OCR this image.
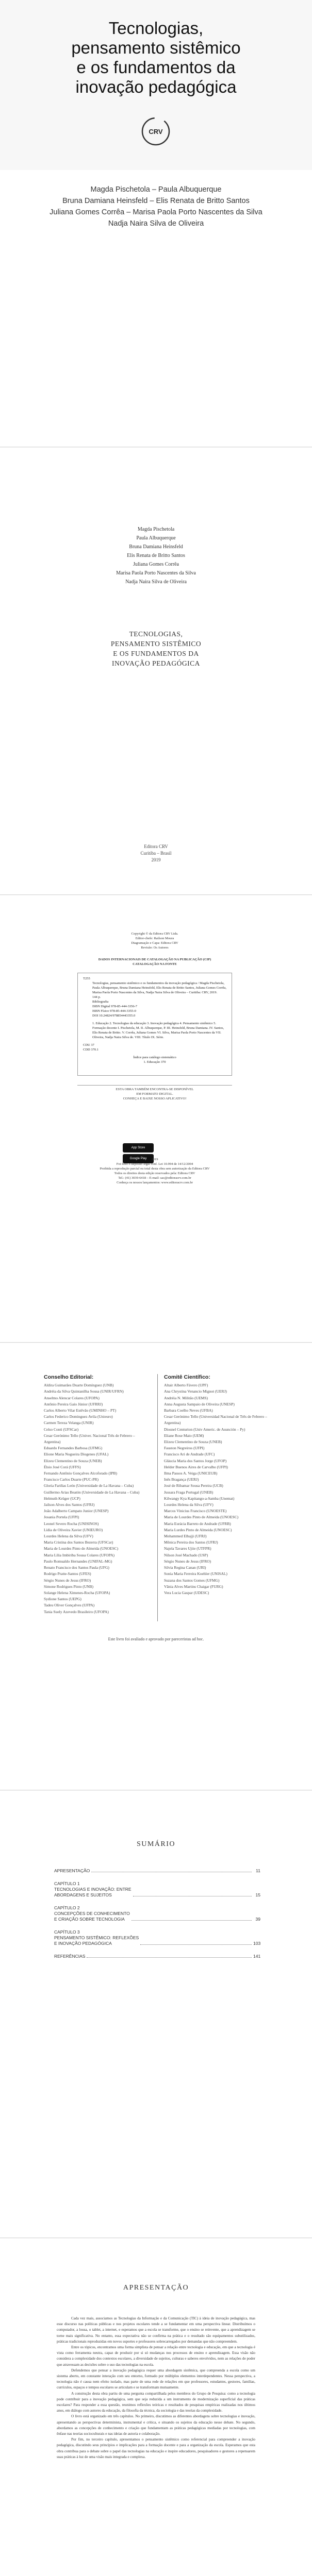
Tecnologias,
pensamento sistêmico
e os fundamentos da
inovação pedagógica
CRV
Magda Pischetola – Paula Albuquerque
Bruna Damiana Heinsfeld – Elis Renata de Britto Santos
Juliana Gomes Corrêa – Marisa Paola Porto Nascentes da Silva
Nadja Naira Silva de Oliveira
Magda Pischetola
Paula Albuquerque
Bruna Damiana Heinsfeld
Elis Renata de Britto Santos
Juliana Gomes Corrêa
Marisa Paola Porto Nascentes da Silva
Nadja Naira Silva de Oliveira
TECNOLOGIAS,
PENSAMENTO SISTÊMICO
E OS FUNDAMENTOS DA
INOVAÇÃO PEDAGÓGICA
Editora CRV
Curitiba – Brasil
2019
Copyright © da Editora CRV Ltda.
Editor-chefe: Railson Moura
Diagramação e Capa: Editora CRV
Revisão: Os Autores
DADOS INTERNACIONAIS DE CATALOGAÇÃO NA PUBLICAÇÃO (CIP)
CATALOGAÇÃO NA FONTE
T255
Tecnologias, pensamento sistêmico e os fundamentos da inovação pedagógica / Magda Pischetola, Paula Albuquerque, Bruna Damiana Heinsfeld, Elis Renata de Britto Santos, Juliana Gomes Corrêa, Marisa Paola Porto Nascentes da Silva, Nadja Naira Silva de Oliveira – Curitiba: CRV, 2019.
144 p.
Bibliografia
ISBN Digital 978-85-444-3356-7
ISBN Físico 978-85-444-3355-0
DOI 10.24824/978854443355.0
1. Educação 2. Tecnologias da educação 3. Inovação pedagógica 4. Pensamento sistêmico 5. Formação docente I. Pischetola, M. II. Albuquerque, P. III. Heinsfeld, Bruna Damiana. IV. Santos, Elis Renata de Britto. V. Corrêa, Juliana Gomes VI. Silva, Marisa Paola Porto Nascentes da VII. Oliveira, Nadja Naira Silva de. VIII. Título IX. Série.
CDU 37
CDD 370.1
Índice para catálogo sistemático
1. Educação 370
ESTA OBRA TAMBÉM ENCONTRA-SE DISPONÍVEL
EM FORMATO DIGITAL.
CONHEÇA E BAIXE NOSSO APLICATIVO!
App StoreGoogle Play	2019
Foi feito o depósito legal conf. Lei 10.994 de 14/12/2004
Proibida a reprodução parcial ou total desta obra sem autorização da Editora CRV
Todos os direitos desta edição reservados pela: Editora CRV
Tel.: (41) 3039-6418 – E-mail: sac@editoracrv.com.br
Conheça os nossos lançamentos: www.editoracrv.com.br
Conselho Editorial:
Aldira Guimarães Duarte Domínguez (UNB)
Andréia da Silva Quintanilha Sousa (UNIR/UFRN)
Anselmo Alencar Colares (UFOPA)
Antônio Pereira Gaio Júnior (UFRRJ)
Carlos Alberto Vilar Estêvão (UMINHO – PT)
Carlos Federico Dominguez Avila (Unieuro)
Carmen Tereza Velanga (UNIR)
Celso Conti (UFSCar)
Cesar Gerónimo Tello (Univer. Nacional Três de Febrero – Argentina)
Eduardo Fernandes Barbosa (UFMG)
Elione Maria Nogueira Diogenes (UFAL)
Elizeu Clementino de Souza (UNEB)
Élsio José Corá (UFFS)
Fernando Antônio Gonçalves Alcoforado (IPB)
Francisco Carlos Duarte (PUC-PR)
Gloria Fariñas León (Universidade de La Havana – Cuba)
Guillermo Arias Beatón (Universidade de La Havana – Cuba)
Helmuth Krüger (UCP)
Jailson Alves dos Santos (UFRJ)
João Adalberto Campato Junior (UNESP)
Josania Portela (UFPI)
Leonel Severo Rocha (UNISINOS)
Lídia de Oliveira Xavier (UNIEURO)
Lourdes Helena da Silva (UFV)
Maria Cristina dos Santos Bezerra (UFSCar)
Maria de Lourdes Pinto de Almeida (UNOESC)
Maria Lília Imbiriba Sousa Colares (UFOPA)
Paulo Romualdo Hernandes (UNIFAL-MG)
Renato Francisco dos Santos Paula (UFG)
Rodrigo Pratte-Santos (UFES)
Sérgio Nunes de Jesus (IFRO)
Simone Rodrigues Pinto (UNB)
Solange Helena Ximenes-Rocha (UFOPA)
Sydione Santos (UEPG)
Tadeu Oliver Gonçalves (UFPA)
Tania Suely Azevedo Brasileiro (UFOPA)
Comitê Científico:
Altair Alberto Fávero (UPF)
Ana Chrystina Venancio Mignot (UERJ)
Andréia N. Militão (UEMS)
Anna Augusta Sampaio de Oliveira (UNESP)
Barbara Coelho Neves (UFBA)
Cesar Gerónimo Tello (Universidad Nacional de Três de Febrero – Argentina)
Diosnel Centurion (Univ Americ. de Asunción – Py)
Eliane Rose Maio (UEM)
Elizeu Clementino de Souza (UNEB)
Fauston Negreiros (UFPI)
Francisco Ari de Andrade (UFC)
Gláucia Maria dos Santos Jorge (UFOP)
Helder Buenos Aires de Carvalho (UFPI)
Ilma Passos A. Veiga (UNICEUB)
Inês Bragança (UERJ)
José de Ribamar Sousa Pereira (UCB)
Jussara Fraga Portugal (UNEB)
Kilwangy Kya Kapitango-a-Samba (Unemat)
Lourdes Helena da Silva (UFV)
Marcos Vinicius Francisco (UNOESTE)
Maria de Lourdes Pinto de Almeida (UNOESC)
Maria Eurácia Barreto de Andrade (UFRB)
Maria Lurdes Pinto de Almeida (UNOESC)
Mohammed Elhajji (UFRJ)
Mônica Pereira dos Santos (UFRJ)
Najela Tavares Ujiie (UTFPR)
Nilson José Machado (USP)
Sérgio Nunes de Jesus (IFRO)
Silvia Regina Canan (URI)
Sonia Maria Ferreira Koehler (UNISAL)
Suzana dos Santos Gomes (UFMG)
Vânia Alves Martins Chaigar (FURG)
Vera Lucia Gaspar (UDESC)
Este livro foi avaliado e aprovado por pareceristas ad hoc.
SUMÁRIO
APRESENTAÇÃO	11
CAPÍTULO 1
TECNOLOGIAS E INOVAÇÃO: ENTRE
ABORDAGENS E SUJEITOS	15
CAPÍTULO 2
CONCEPÇÕES DE CONHECIMENTO
E CRIAÇÃO SOBRE TECNOLOGIA	39
CAPÍTULO 3
PENSAMENTO SISTÊMICO: REFLEXÕES
E INOVAÇÃO PEDAGÓGICA	103
REFERÊNCIAS	141
APRESENTAÇÃO

Cada vez mais, associamos as Tecnologias da Informação e da Comunicação (TIC) à ideia de inovação pedagógica, mas esse discurso nas políticas públicas e nos projetos escolares tende a se fundamentar em uma perspectiva linear. Distribuímos o computador, a lousa, o tablet, a internet, e esperamos que a escola se transforme, que o ensino se reinvente, que a aprendizagem se torne mais significativa. No entanto, essa expectativa não se confirma na prática e o resultado são equipamentos subutilizados, práticas tradicionais reproduzidas em novos suportes e professores sobrecarregados por demandas que não compreendem.

Entre os tópicos, encontramos uma forma simplista de pensar a relação entre tecnologia e educação, em que a tecnologia é vista como ferramenta neutra, capaz de produzir por si só mudanças nos processos de ensino e aprendizagem. Essa visão não considera a complexidade dos contextos escolares, a diversidade de sujeitos, culturas e saberes envolvidos, nem as relações de poder que atravessam as decisões sobre o uso das tecnologias na escola.

Defendemos que pensar a inovação pedagógica requer uma abordagem sistêmica, que compreenda a escola como um sistema aberto, em constante interação com seu entorno, formado por múltiplos elementos interdependentes. Nessa perspectiva, a tecnologia não é causa nem efeito isolado, mas parte de uma rede de relações em que professores, estudantes, gestores, famílias, currículos, espaços e tempos escolares se articulam e se transformam mutuamente.

A construção desta obra partiu de uma pergunta compartilhada pelos membros do Grupo de Pesquisa: como a tecnologia pode contribuir para a inovação pedagógica, sem que seja reduzida a um instrumento de modernização superficial das práticas escolares? Para responder a essa questão, reunimos reflexões teóricas e resultados de pesquisas empíricas realizadas nos últimos anos, em diálogo com autores da educação, da filosofia da técnica, da sociologia e das teorias da complexidade.

O livro está organizado em três capítulos. No primeiro, discutimos as diferentes abordagens sobre tecnologias e inovação, apresentando as perspectivas determinista, instrumental e crítica, e situando os sujeitos da educação nesse debate. No segundo, abordamos as concepções de conhecimento e criação que fundamentam as práticas pedagógicas mediadas por tecnologias, com ênfase nas teorias socioculturais e nas ideias de autoria e colaboração.

Por fim, no terceiro capítulo, apresentamos o pensamento sistêmico como referencial para compreender a inovação pedagógica, discutindo seus princípios e implicações para a formação docente e para a organização da escola. Esperamos que esta obra contribua para o debate sobre o papel das tecnologias na educação e inspire educadores, pesquisadores e gestores a repensarem suas práticas à luz de uma visão mais integrada e complexa.
